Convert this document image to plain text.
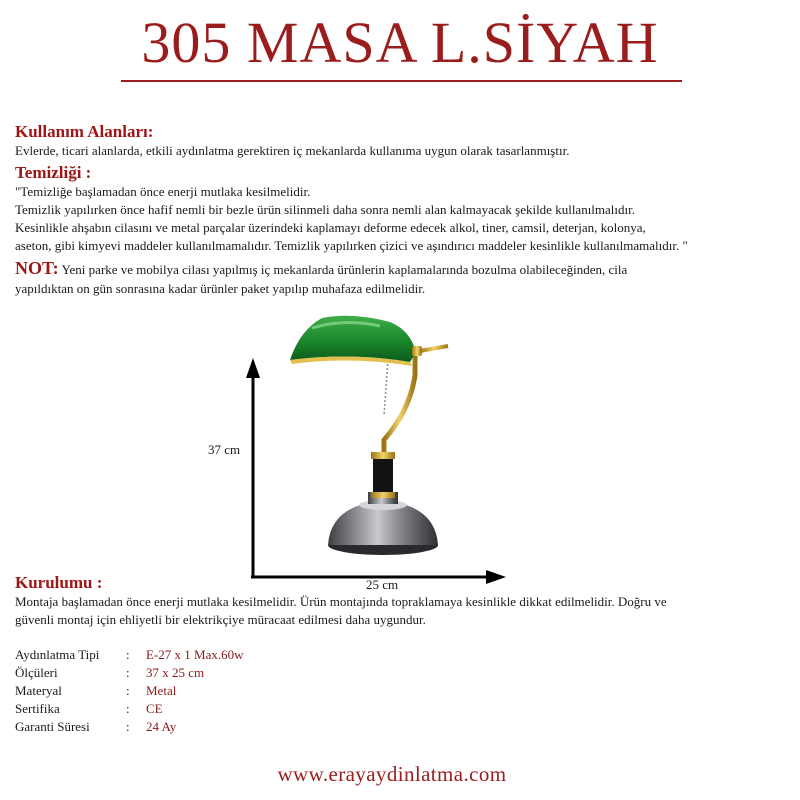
305 MASA L.SİYAH
Kullanım Alanları:

Evlerde, ticari alanlarda, etkili aydınlatma gerektiren iç mekanlarda kullanıma uygun olarak tasarlanmıştır.

Temizliği :

"Temizliğe başlamadan önce enerji mutlaka kesilmelidir.

Temizlik yapılırken önce hafif nemli bir bezle ürün silinmeli daha sonra nemli alan kalmayacak şekilde kullanılmalıdır.

Kesinlikle ahşabın cilasını ve metal parçalar üzerindeki kaplamayı deforme edecek alkol, tiner, camsil, deterjan, kolonya,

aseton, gibi kimyevi maddeler kullanılmamalıdır. Temizlik yapılırken çizici ve aşındırıcı maddeler kesinlikle kullanılmamalıdır. "

NOT: Yeni parke ve mobilya cilası yapılmış iç mekanlarda ürünlerin kaplamalarında bozulma olabileceğinden, cila

yapıldıktan on gün sonrasına kadar ürünler paket yapılıp muhafaza edilmelidir.

37 cm
25 cm
Kurulumu :

Montaja başlamadan önce enerji mutlaka kesilmelidir. Ürün montajında topraklamaya kesinlikle dikkat edilmelidir. Doğru ve

güvenli montaj için ehliyetli bir elektrikçiye müracaat edilmesi daha uygundur.

Aydınlatma Tipi	:	E-27 x 1 Max.60w
Ölçüleri	:	37 x 25 cm
Materyal	:	Metal
Sertifika	:	CE
Garanti Süresi	:	24 Ay
www.erayaydinlatma.com
